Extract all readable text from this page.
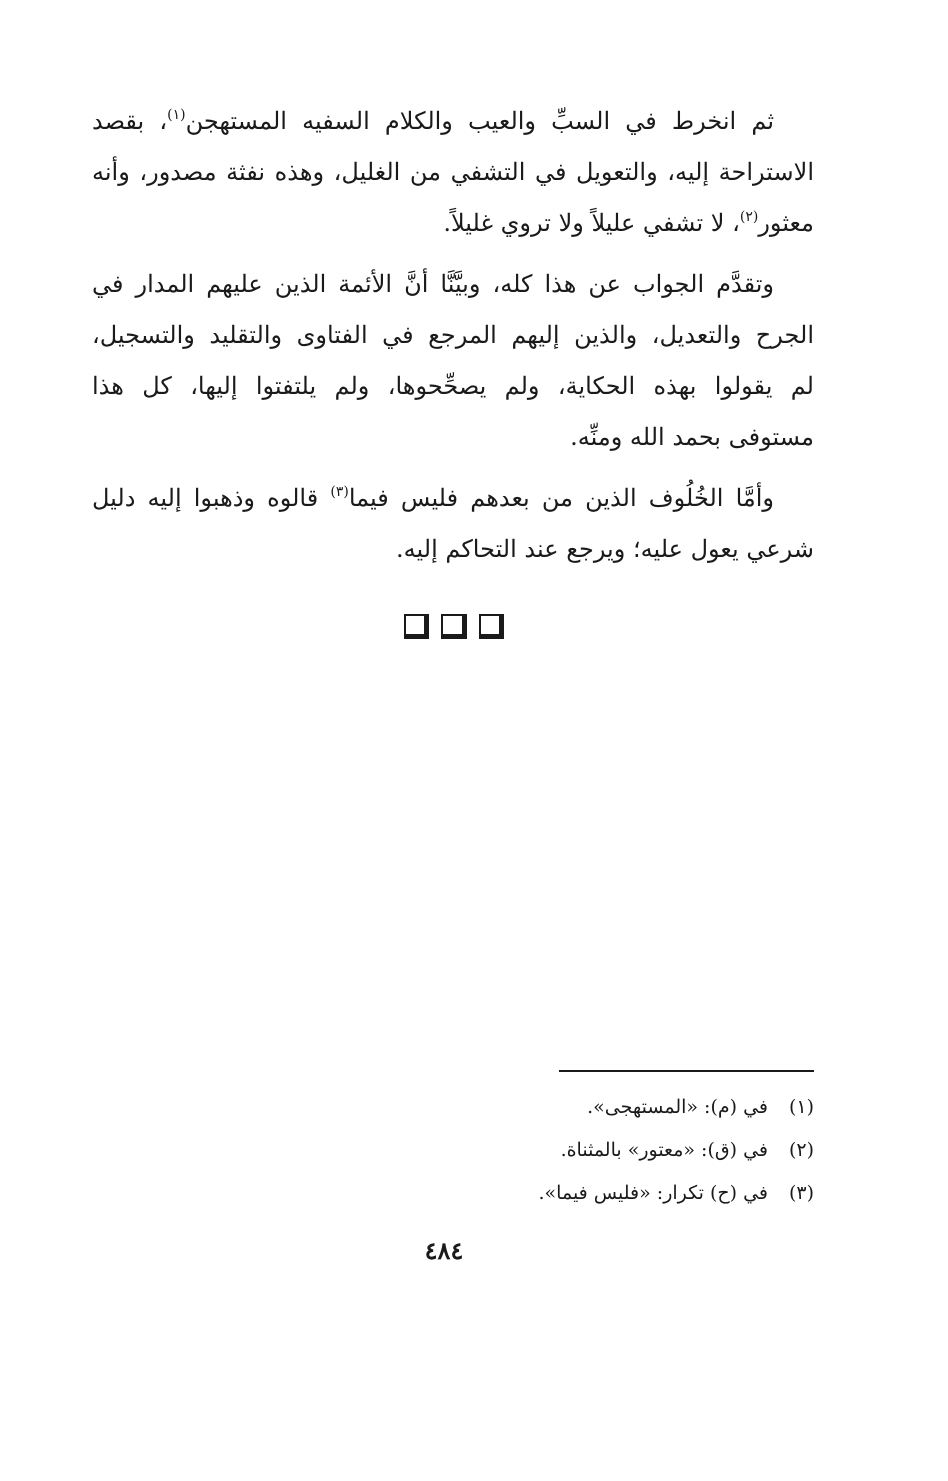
ثم انخرط في السبِّ والعيب والكلام السفيه المستهجن$^{(١)}$، بقصد
الاستراحة إليه، والتعويل في التشفي من الغليل، وهذه نفثة مصدور، وأنه
معثور$^{(٢)}$، لا تشفي عليلاً ولا تروي غليلاً.

وتقدَّم الجواب عن هذا كله، وبيَّنَّا أنَّ الأئمة الذين عليهم المدار في
الجرح والتعديل، والذين إليهم المرجع في الفتاوى والتقليد والتسجيل،
لم يقولوا بهذه الحكاية، ولم يصحِّحوها، ولم يلتفتوا إليها، كل هذا
مستوفى بحمد الله ومنِّه.

وأمَّا الخُلُوف الذين من بعدهم فليس فيما$^{(٣)}$ قالوه وذهبوا إليه دليل
شرعي يعول عليه؛ ويرجع عند التحاكم إليه.

(١)في (م): «المستهجى».
(٢)في (ق): «معتور» بالمثناة.
(٣)في (ح) تكرار: «فليس فيما».
٤٨٤
